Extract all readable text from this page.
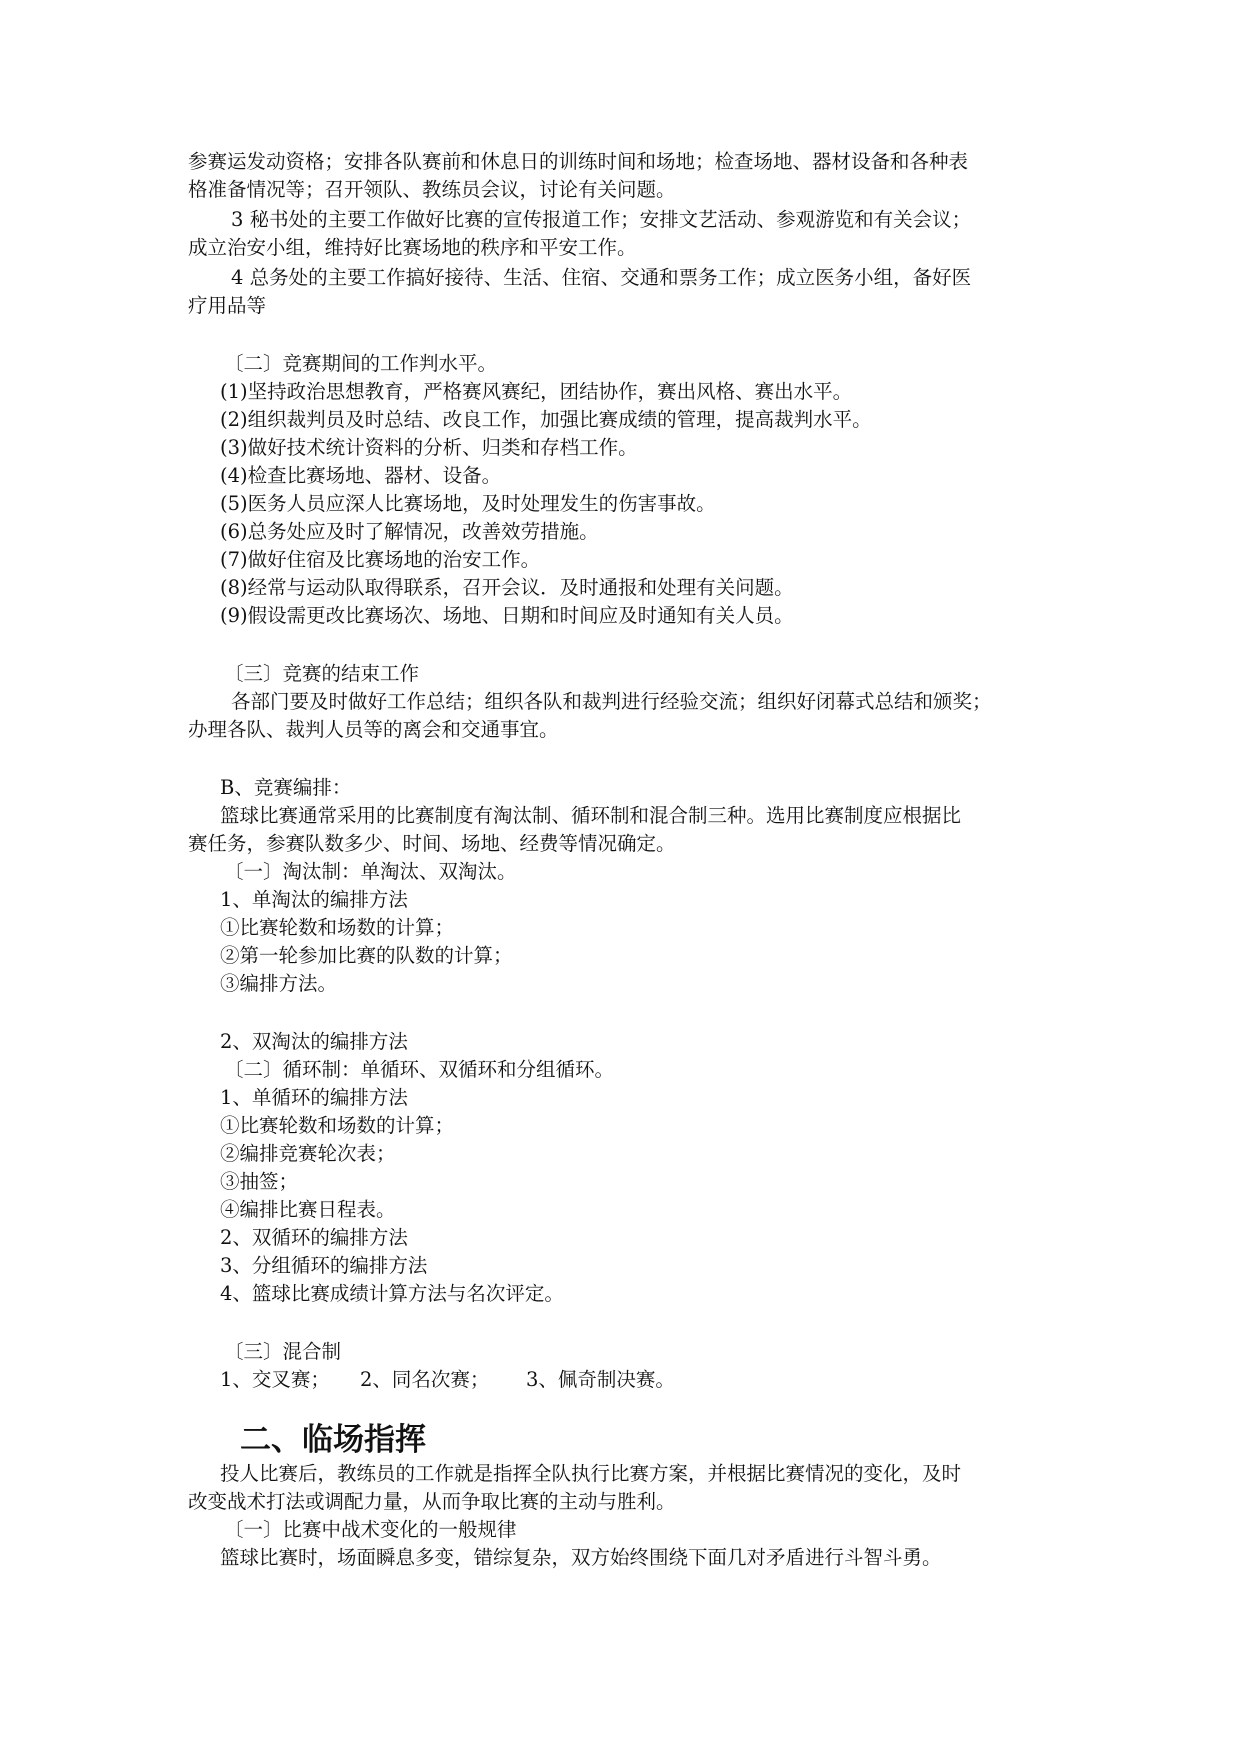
参赛运发动资格；安排各队赛前和休息日的训练时间和场地；检查场地、器材设备和各种表
格准备情况等；召开领队、教练员会议，讨论有关问题。
3 秘书处的主要工作做好比赛的宣传报道工作；安排文艺活动、参观游览和有关会议；
成立治安小组，维持好比赛场地的秩序和平安工作。
4 总务处的主要工作搞好接待、生活、住宿、交通和票务工作；成立医务小组，备好医
疗用品等
〔二〕竞赛期间的工作判水平。
(1)坚持政治思想教育，严格赛风赛纪，团结协作，赛出风格、赛出水平。
(2)组织裁判员及时总结、改良工作，加强比赛成绩的管理，提高裁判水平。
(3)做好技术统计资料的分析、归类和存档工作。
(4)检查比赛场地、器材、设备。
(5)医务人员应深人比赛场地，及时处理发生的伤害事故。
(6)总务处应及时了解情况，改善效劳措施。
(7)做好住宿及比赛场地的治安工作。
(8)经常与运动队取得联系，召开会议．及时通报和处理有关问题。
(9)假设需更改比赛场次、场地、日期和时间应及时通知有关人员。
〔三〕竞赛的结束工作
各部门要及时做好工作总结；组织各队和裁判进行经验交流；组织好闭幕式总结和颁奖；
办理各队、裁判人员等的离会和交通事宜。
B、竞赛编排：
篮球比赛通常采用的比赛制度有淘汰制、循环制和混合制三种。选用比赛制度应根据比
赛任务，参赛队数多少、时间、场地、经费等情况确定。
〔一〕淘汰制：单淘汰、双淘汰。
1、单淘汰的编排方法
①比赛轮数和场数的计算；
②第一轮参加比赛的队数的计算；
③编排方法。
2、双淘汰的编排方法
〔二〕循环制：单循环、双循环和分组循环。
1、单循环的编排方法
①比赛轮数和场数的计算；
②编排竞赛轮次表；
③抽签；
④编排比赛日程表。
2、双循环的编排方法
3、分组循环的编排方法
4、篮球比赛成绩计算方法与名次评定。
〔三〕混合制
1、交叉赛； 2、同名次赛； 3、佩奇制决赛。
二、临场指挥
投人比赛后，教练员的工作就是指挥全队执行比赛方案，并根据比赛情况的变化，及时
改变战术打法或调配力量，从而争取比赛的主动与胜利。
〔一〕比赛中战术变化的一般规律
篮球比赛时，场面瞬息多变，错综复杂，双方始终围绕下面几对矛盾进行斗智斗勇。
